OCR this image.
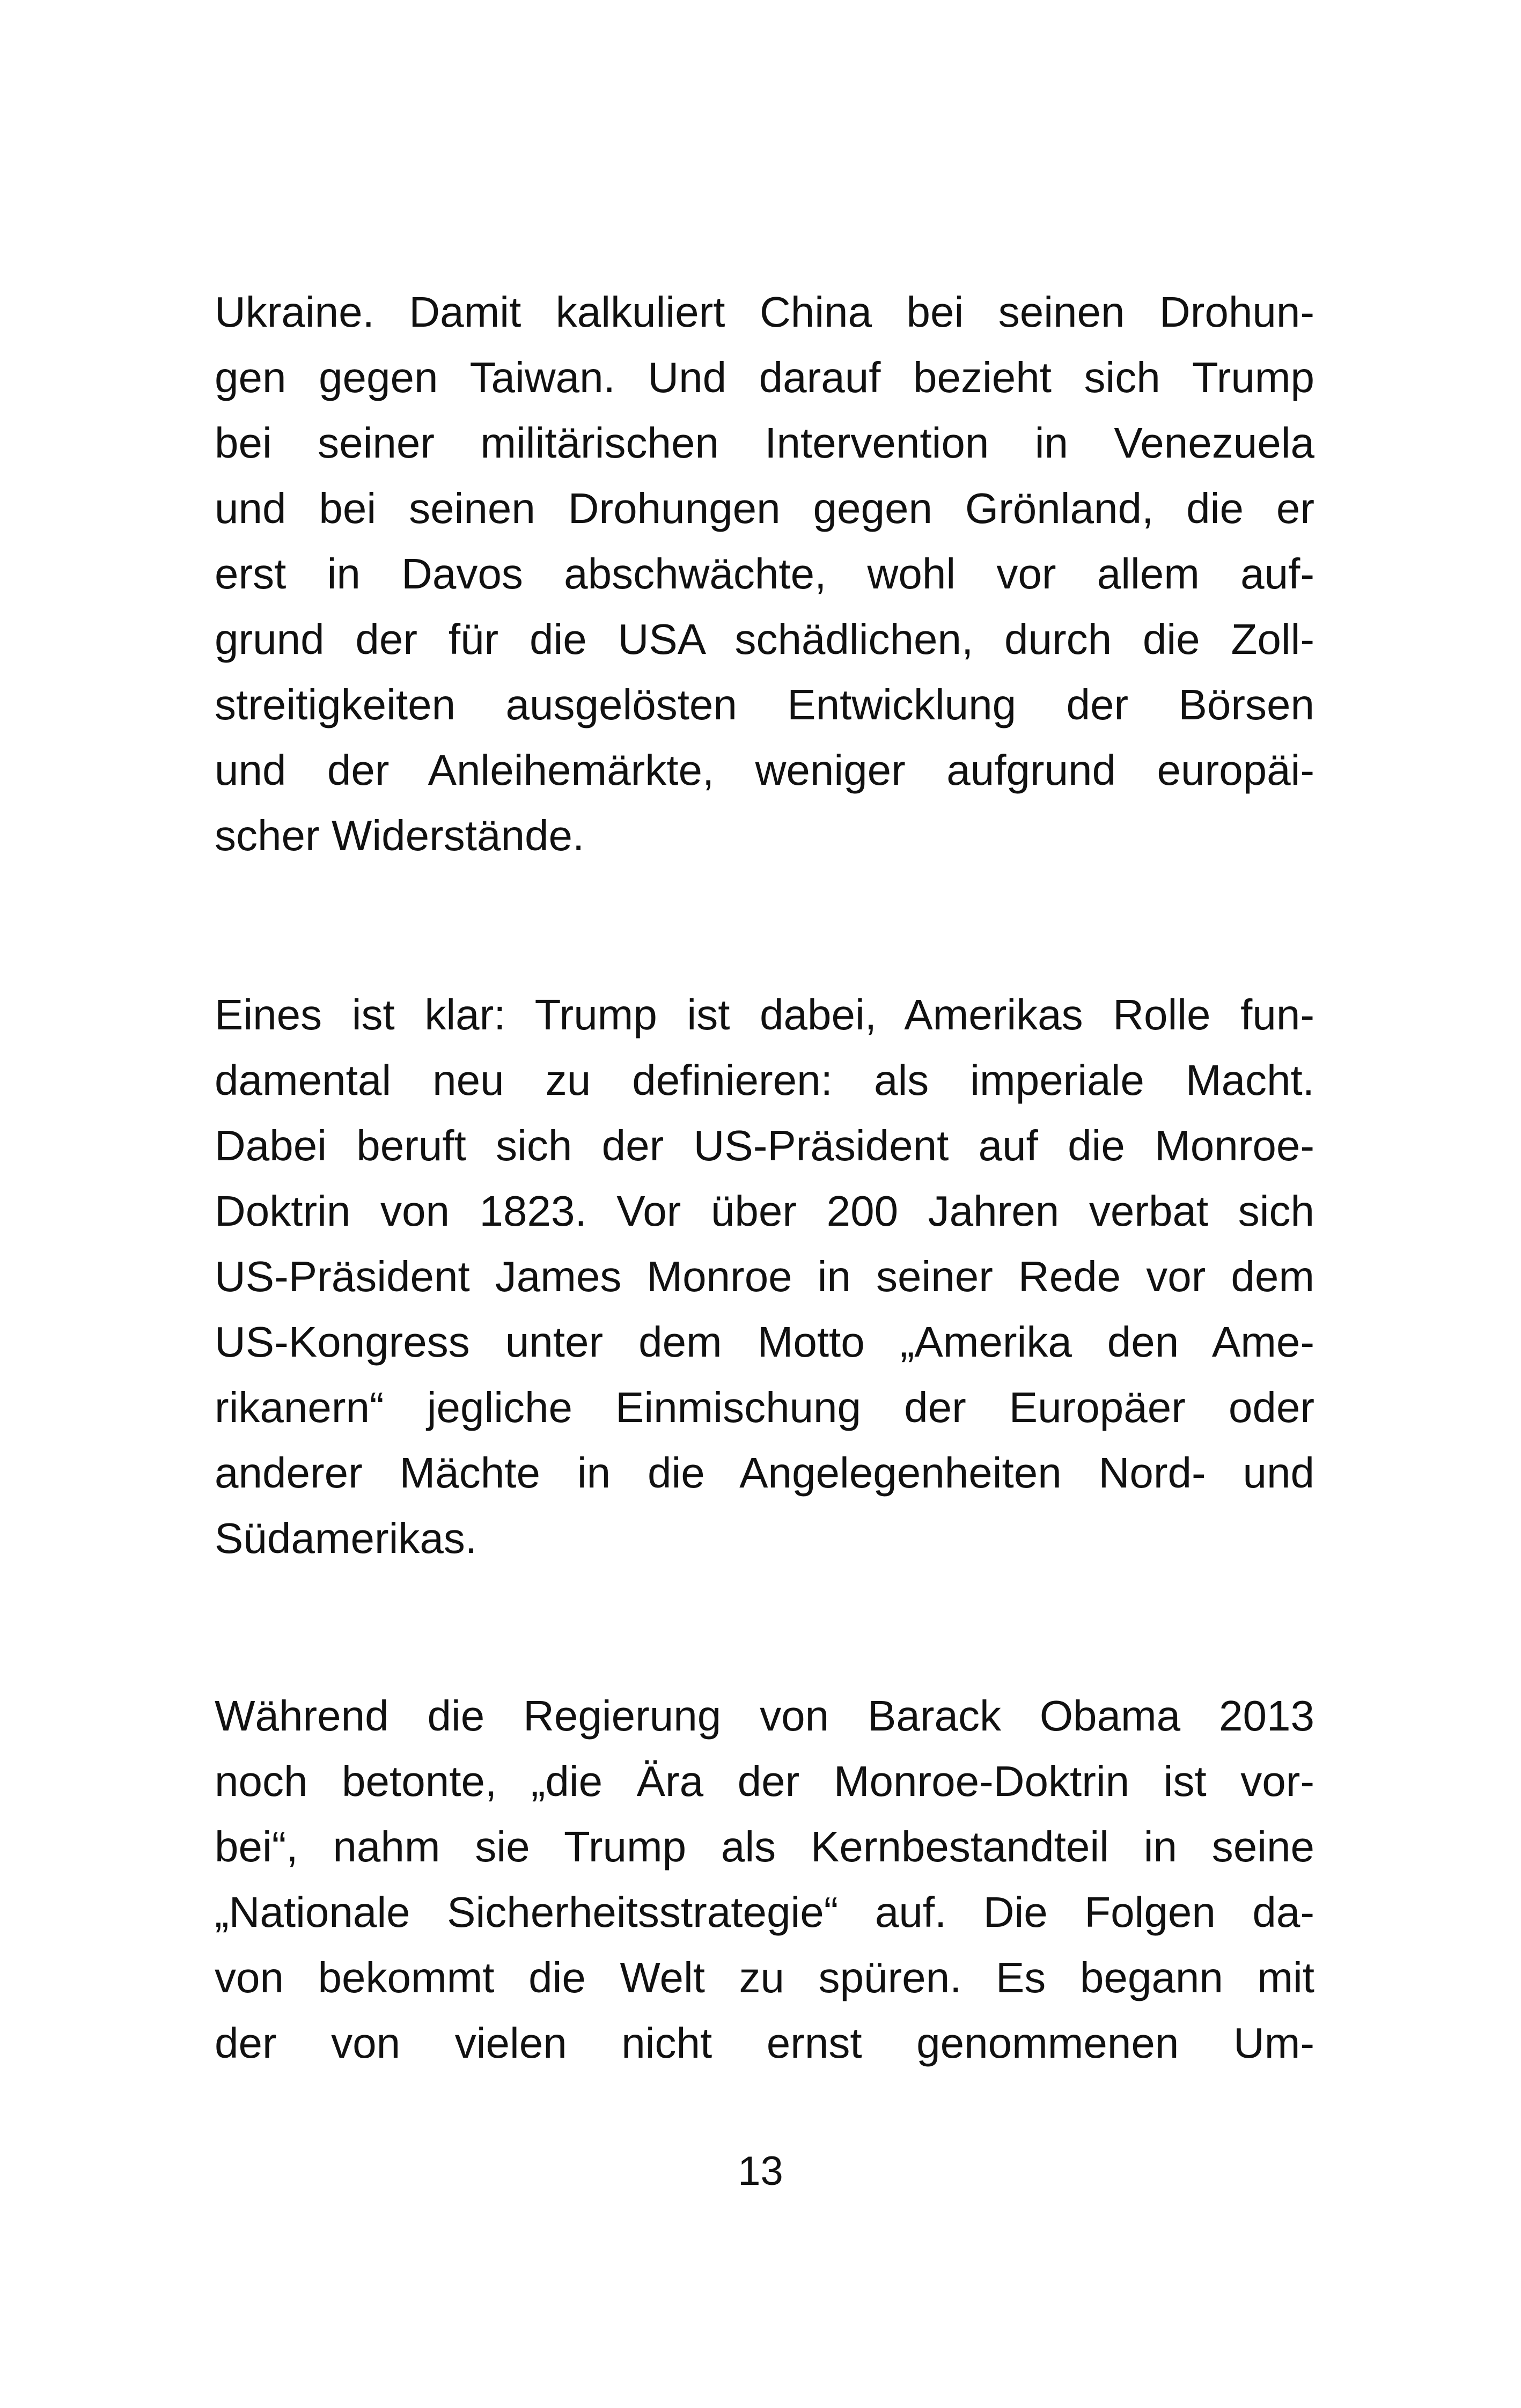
Ukraine. Damit kalkuliert China bei seinen Drohun-
gen gegen Taiwan. Und darauf bezieht sich Trump
bei seiner militärischen Intervention in Venezuela
und bei seinen Drohungen gegen Grönland, die er
erst in Davos abschwächte, wohl vor allem auf-
grund der für die USA schädlichen, durch die Zoll-
streitigkeiten ausgelösten Entwicklung der Börsen
und der Anleihemärkte, weniger aufgrund europäi-
scher Widerstände.
Eines ist klar: Trump ist dabei, Amerikas Rolle fun-
damental neu zu definieren: als imperiale Macht.
Dabei beruft sich der US-Präsident auf die Monroe-
Doktrin von 1823. Vor über 200 Jahren verbat sich
US-Präsident James Monroe in seiner Rede vor dem
US-Kongress unter dem Motto „Amerika den Ame-
rikanern“ jegliche Einmischung der Europäer oder
anderer Mächte in die Angelegenheiten Nord- und
Südamerikas.
Während die Regierung von Barack Obama 2013
noch betonte, „die Ära der Monroe-Doktrin ist vor-
bei“, nahm sie Trump als Kernbestandteil in seine
„Nationale Sicherheitsstrategie“ auf. Die Folgen da-
von bekommt die Welt zu spüren. Es begann mit
der von vielen nicht ernst genommenen Um-
13
